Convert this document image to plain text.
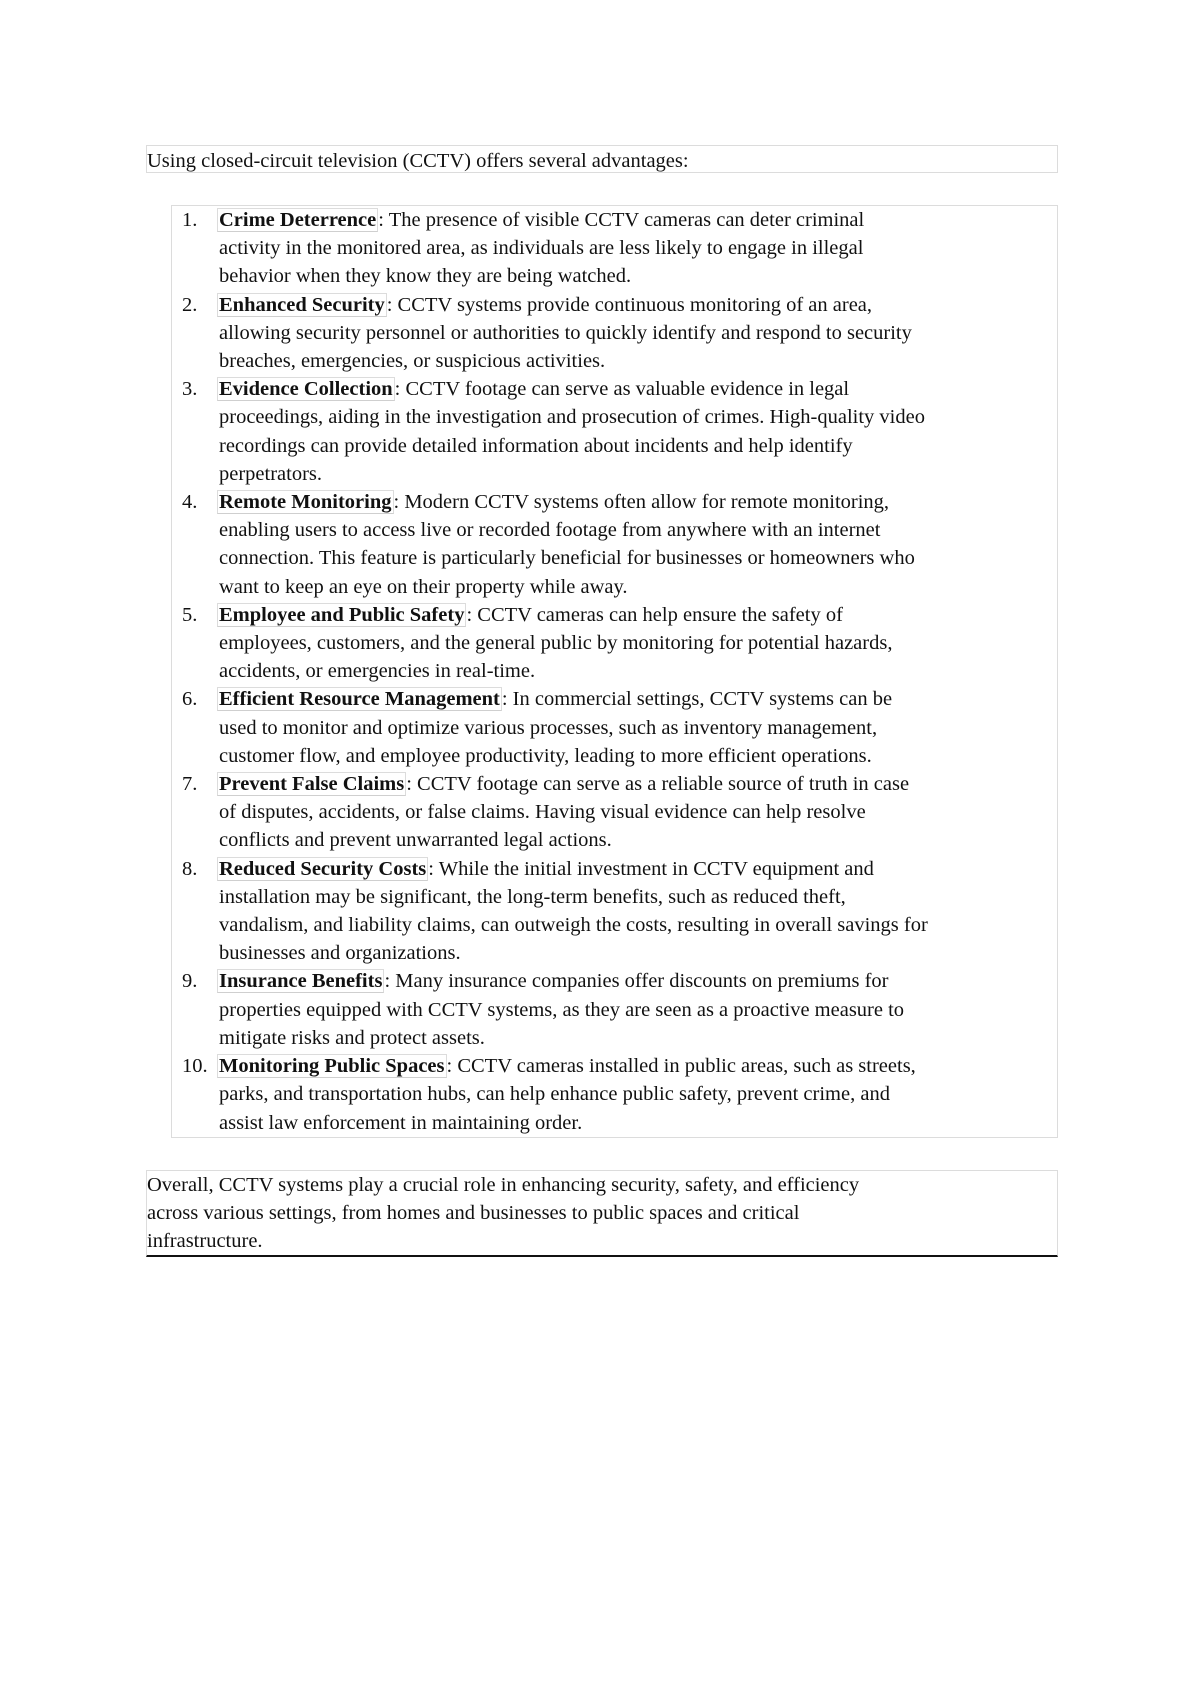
Using closed-circuit television (CCTV) offers several advantages:
1. Crime Deterrence: The presence of visible CCTV cameras can deter criminal
activity in the monitored area, as individuals are less likely to engage in illegal
behavior when they know they are being watched.
2. Enhanced Security: CCTV systems provide continuous monitoring of an area,
allowing security personnel or authorities to quickly identify and respond to security
breaches, emergencies, or suspicious activities.
3. Evidence Collection: CCTV footage can serve as valuable evidence in legal
proceedings, aiding in the investigation and prosecution of crimes. High-quality video
recordings can provide detailed information about incidents and help identify
perpetrators.
4. Remote Monitoring: Modern CCTV systems often allow for remote monitoring,
enabling users to access live or recorded footage from anywhere with an internet
connection. This feature is particularly beneficial for businesses or homeowners who
want to keep an eye on their property while away.
5. Employee and Public Safety: CCTV cameras can help ensure the safety of
employees, customers, and the general public by monitoring for potential hazards,
accidents, or emergencies in real-time.
6. Efficient Resource Management: In commercial settings, CCTV systems can be
used to monitor and optimize various processes, such as inventory management,
customer flow, and employee productivity, leading to more efficient operations.
7. Prevent False Claims: CCTV footage can serve as a reliable source of truth in case
of disputes, accidents, or false claims. Having visual evidence can help resolve
conflicts and prevent unwarranted legal actions.
8. Reduced Security Costs: While the initial investment in CCTV equipment and
installation may be significant, the long-term benefits, such as reduced theft,
vandalism, and liability claims, can outweigh the costs, resulting in overall savings for
businesses and organizations.
9. Insurance Benefits: Many insurance companies offer discounts on premiums for
properties equipped with CCTV systems, as they are seen as a proactive measure to
mitigate risks and protect assets.
10. Monitoring Public Spaces: CCTV cameras installed in public areas, such as streets,
parks, and transportation hubs, can help enhance public safety, prevent crime, and
assist law enforcement in maintaining order.
Overall, CCTV systems play a crucial role in enhancing security, safety, and efficiency
across various settings, from homes and businesses to public spaces and critical
infrastructure.
